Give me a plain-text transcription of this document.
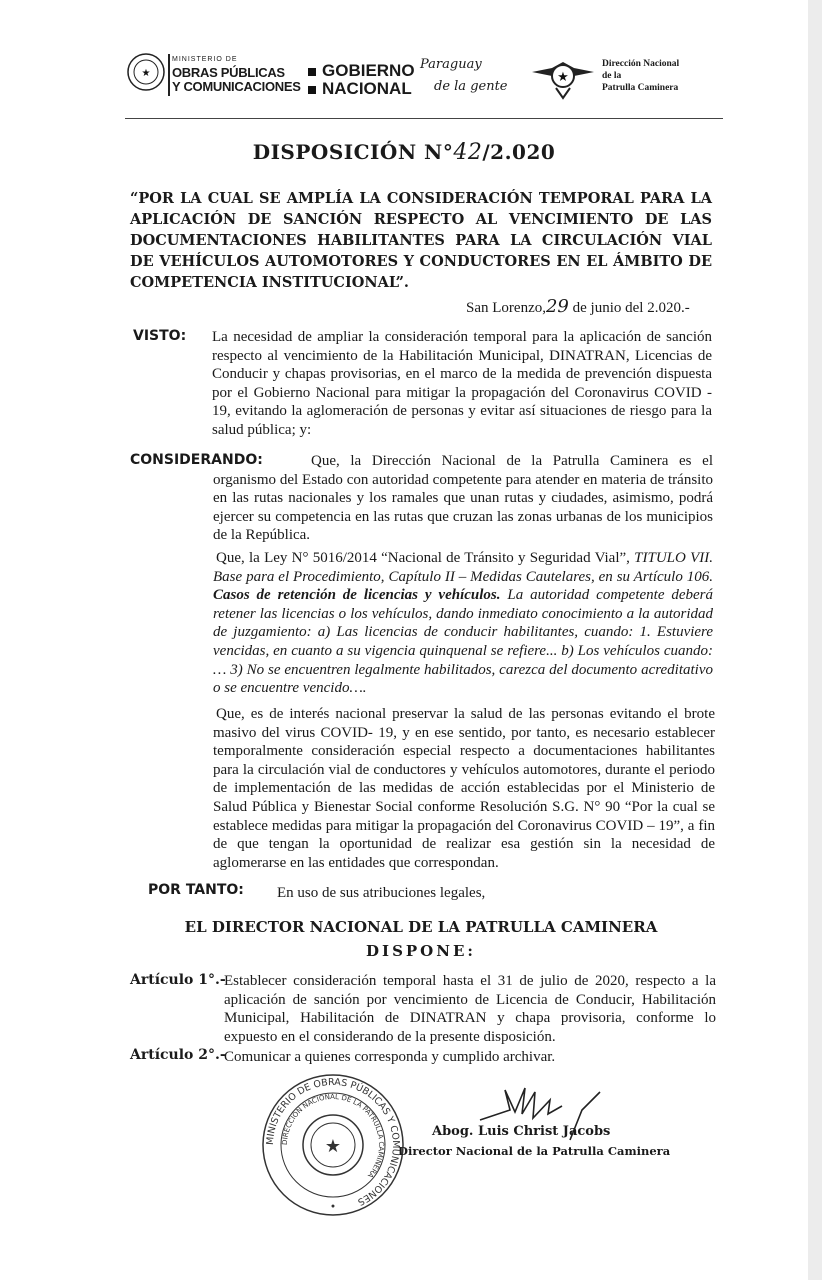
★
MINISTERIO DE
OBRAS PÚBLICAS
Y COMUNICACIONES
GOBIERNO
NACIONAL
Paraguay
de la gente
★
Dirección Nacional
de la
Patrulla Caminera
DISPOSICIÓN N°42/2.020
“POR LA CUAL SE AMPLÍA LA CONSIDERACIÓN TEMPORAL PARA LA APLICACIÓN DE SANCIÓN RESPECTO AL VENCIMIENTO DE LAS DOCUMENTACIONES HABILITANTES PARA LA CIRCULACIÓN VIAL DE VEHÍCULOS AUTOMOTORES Y CONDUCTORES EN EL ÁMBITO DE COMPETENCIA INSTITUCIONAL”.
San Lorenzo,29 de junio del 2.020.-
VISTO: La necesidad de ampliar la consideración temporal para la aplicación de sanción respecto al vencimiento de la Habilitación Municipal, DINATRAN, Licencias de Conducir y chapas provisorias, en el marco de la medida de prevención dispuesta por el Gobierno Nacional para mitigar la propagación del Coronavirus COVID - 19, evitando la aglomeración de personas y evitar así situaciones de riesgo para la salud pública; y:
CONSIDERANDO:	Que, la Dirección Nacional de la Patrulla Caminera es el organismo del Estado con autoridad competente para atender en materia de tránsito en las rutas nacionales y los ramales que unan rutas y ciudades, asimismo, podrá ejercer su competencia en las rutas que cruzan las zonas urbanas de los municipios de la República.
Que, la Ley N° 5016/2014 “Nacional de Tránsito y Seguridad Vial”, TITULO VII. Base para el Procedimiento, Capítulo II – Medidas Cautelares, en su Artículo 106. Casos de retención de licencias y vehículos. La autoridad competente deberá retener las licencias o los vehículos, dando inmediato conocimiento a la autoridad de juzgamiento: a) Las licencias de conducir habilitantes, cuando: 1. Estuviere vencidas, en cuanto a su vigencia quinquenal se refiere... b) Los vehículos cuando: … 3) No se encuentren legalmente habilitados, carezca del documento acreditativo o se encuentre vencido….
Que, es de interés nacional preservar la salud de las personas evitando el brote masivo del virus COVID- 19, y en ese sentido, por tanto, es necesario establecer temporalmente consideración especial respecto a documentaciones habilitantes para la circulación vial de conductores y vehículos automotores, durante el periodo de implementación de las medidas de acción establecidas por el Ministerio de Salud Pública y Bienestar Social conforme Resolución S.G. N° 90 “Por la cual se establece medidas para mitigar la propagación del Coronavirus COVID – 19”, a fin de que tengan la oportunidad de realizar esa gestión sin la necesidad de aglomerarse en las entidades que correspondan.
POR TANTO: En uso de sus atribuciones legales,
EL DIRECTOR NACIONAL DE LA PATRULLA CAMINERA
DISPONE:
Artículo 1°.-
Establecer consideración temporal hasta el 31 de julio de 2020, respecto a la aplicación de sanción por vencimiento de Licencia de Conducir, Habilitación Municipal, Habilitación de DINATRAN y chapa provisoria, conforme lo expuesto en el considerando de la presente disposición.
Artículo 2°.-
Comunicar a quienes corresponda y cumplido archivar.
MINISTERIO DE OBRAS PÚBLICAS Y COMUNICACIONES
DIRECCIÓN NACIONAL DE LA PATRULLA CAMINERA
★
●
Abog. Luis Christ Jacobs
Director Nacional de la Patrulla Caminera
